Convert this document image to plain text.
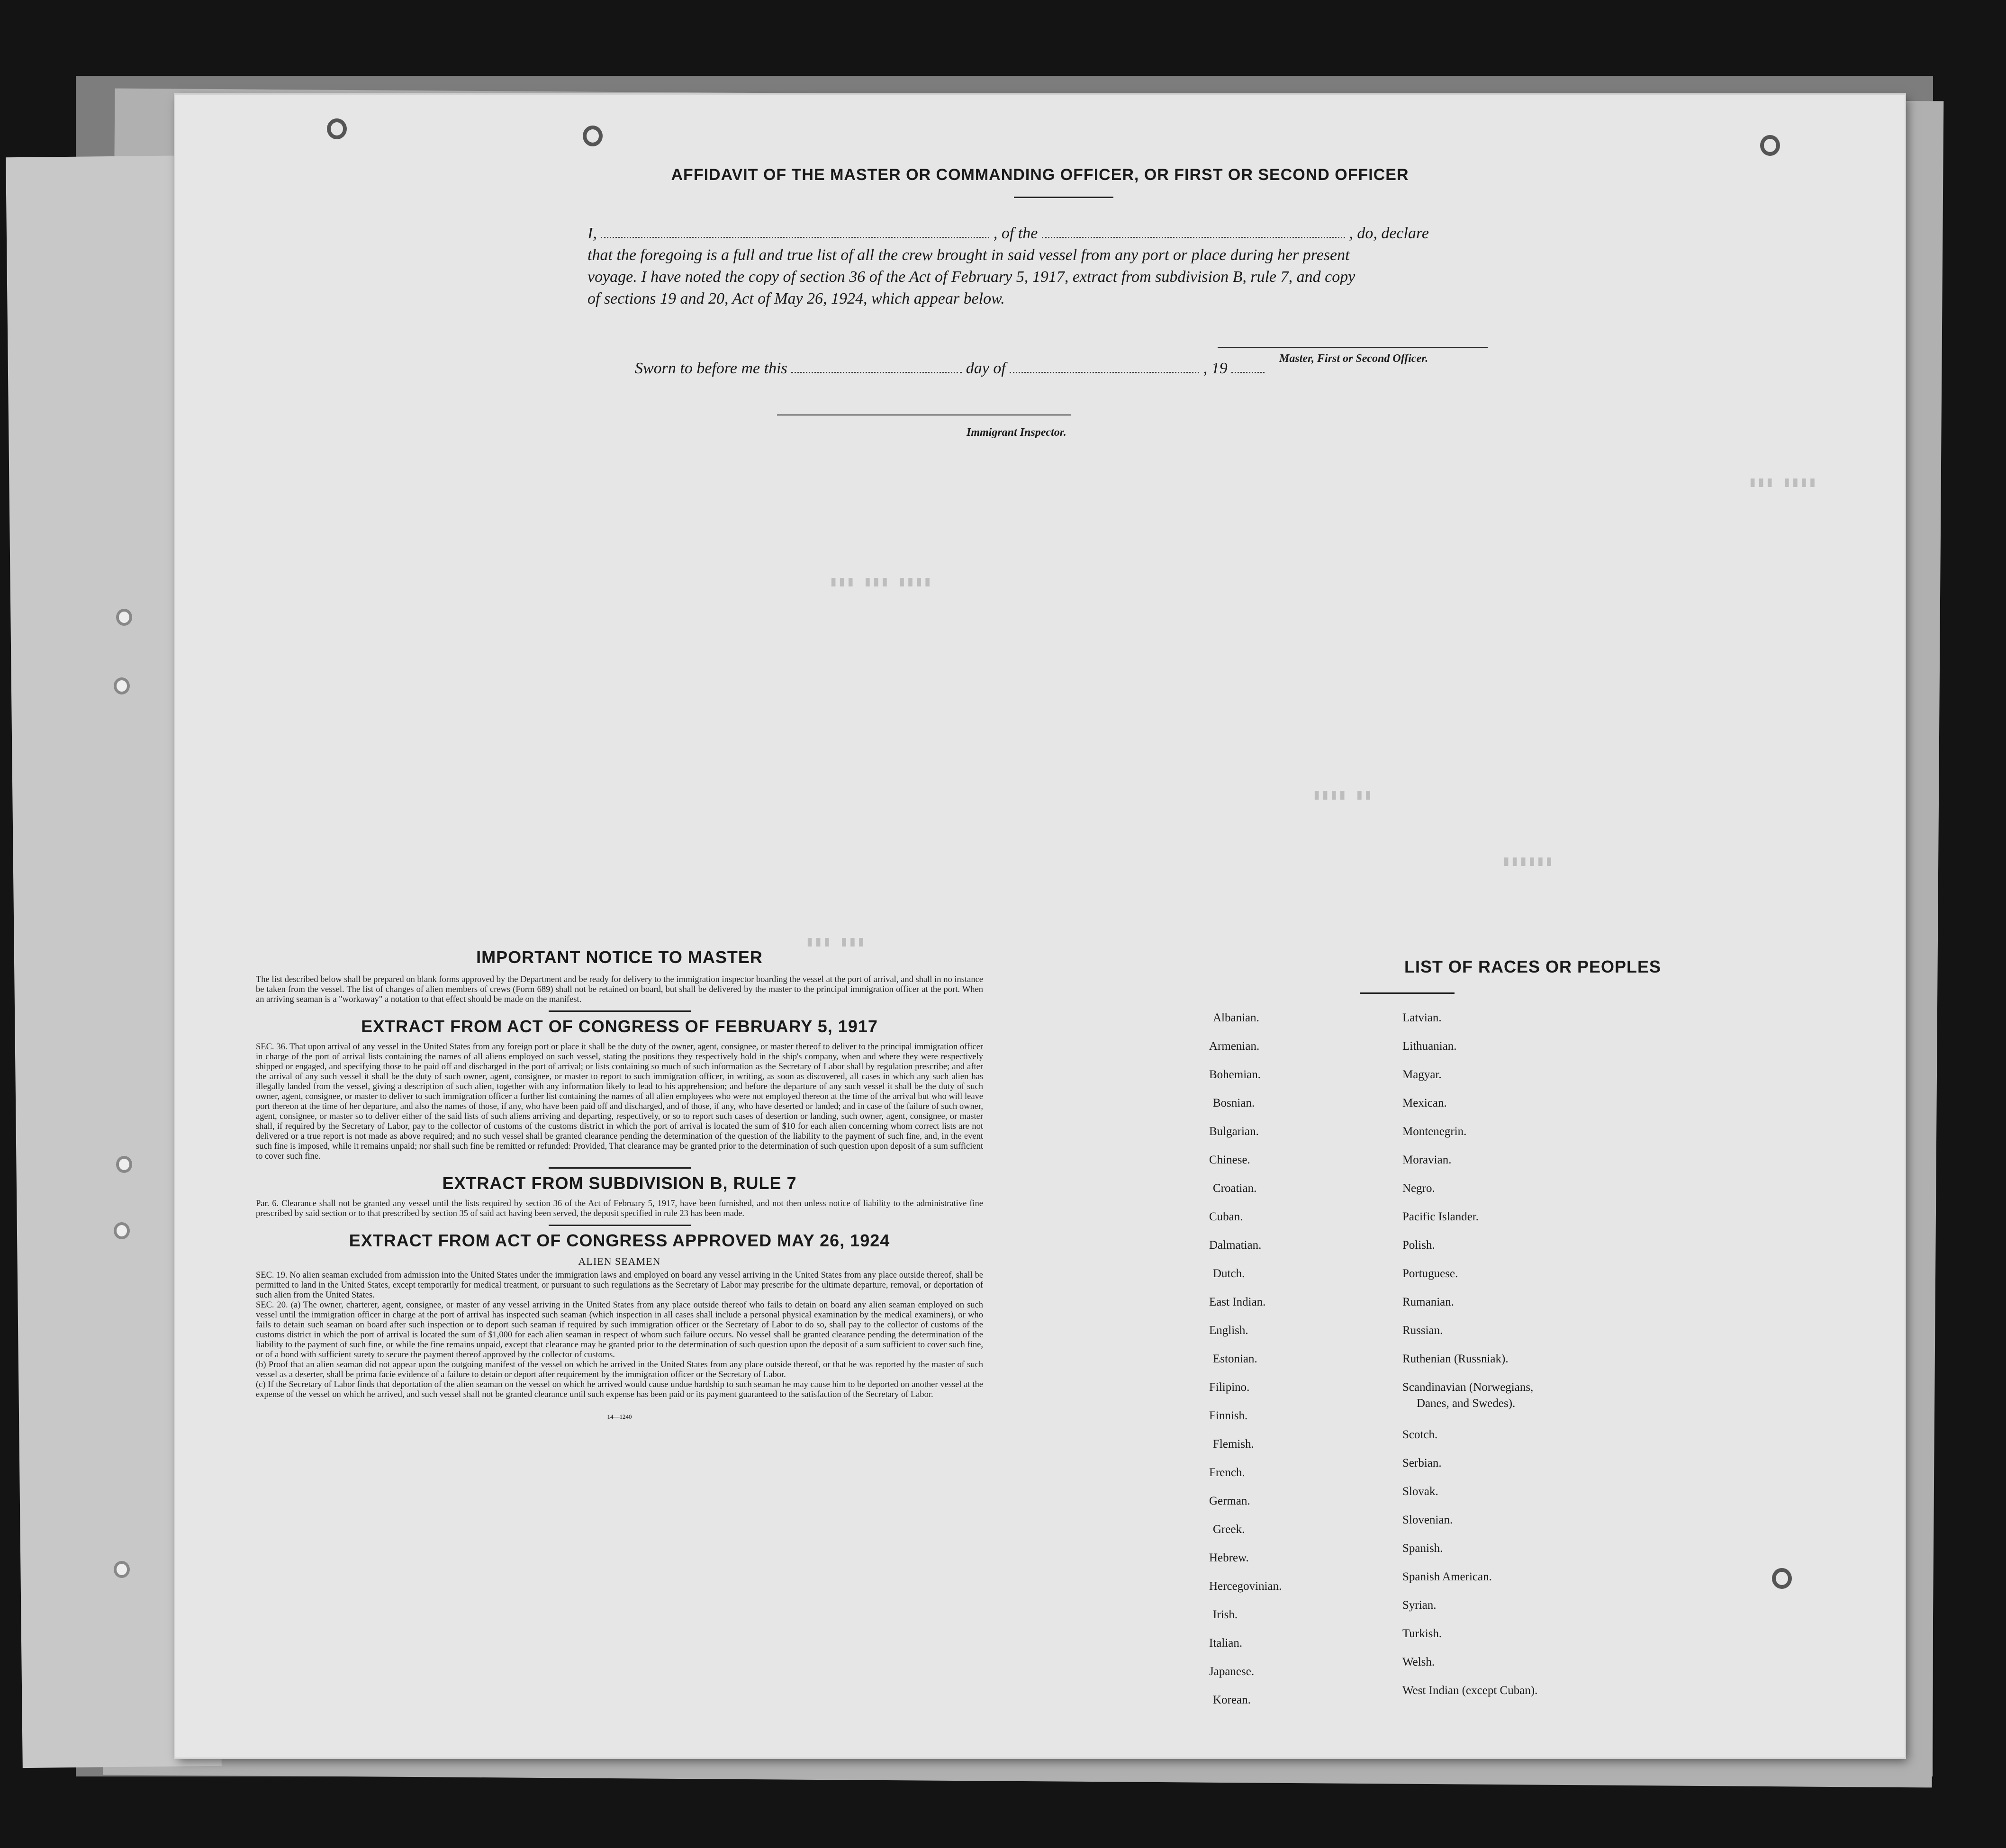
▮▮▮ ▮▮▮▮
▮▮▮ ▮▮▮ ▮▮▮▮
▮▮▮▮ ▮▮
▮▮▮▮▮▮
▮▮▮ ▮▮▮
AFFIDAVIT OF THE MASTER OR COMMANDING OFFICER, OR FIRST OR SECOND OFFICER
I,	, of the	, do, declare
that the foregoing is a full and true list of all the crew brought in said vessel from any port or place during her present
voyage. I have noted the copy of section 36 of the Act of February 5, 1917, extract from subdivision B, rule 7, and copy
of sections 19 and 20, Act of May 26, 1924, which appear below.
Master, First or Second Officer.
Sworn to before me this	day of	, 19
Immigrant Inspector.
IMPORTANT NOTICE TO MASTER
The list described below shall be prepared on blank forms approved by the Department and be ready for delivery to the immigration inspector boarding the vessel at the port of arrival, and shall in no instance be taken from the vessel. The list of changes of alien members of crews (Form 689) shall not be retained on board, but shall be delivered by the master to the principal immigration officer at the port. When an arriving seaman is a "workaway" a notation to that effect should be made on the manifest.
EXTRACT FROM ACT OF CONGRESS OF FEBRUARY 5, 1917
SEC. 36. That upon arrival of any vessel in the United States from any foreign port or place it shall be the duty of the owner, agent, consignee, or master thereof to deliver to the principal immigration officer in charge of the port of arrival lists containing the names of all aliens employed on such vessel, stating the positions they respectively hold in the ship's company, when and where they were respectively shipped or engaged, and specifying those to be paid off and discharged in the port of arrival; or lists containing so much of such information as the Secretary of Labor shall by regulation prescribe; and after the arrival of any such vessel it shall be the duty of such owner, agent, consignee, or master to report to such immigration officer, in writing, as soon as discovered, all cases in which any such alien has illegally landed from the vessel, giving a description of such alien, together with any information likely to lead to his apprehension; and before the departure of any such vessel it shall be the duty of such owner, agent, consignee, or master to deliver to such immigration officer a further list containing the names of all alien employees who were not employed thereon at the time of the arrival but who will leave port thereon at the time of her departure, and also the names of those, if any, who have been paid off and discharged, and of those, if any, who have deserted or landed; and in case of the failure of such owner, agent, consignee, or master so to deliver either of the said lists of such aliens arriving and departing, respectively, or so to report such cases of desertion or landing, such owner, agent, consignee, or master shall, if required by the Secretary of Labor, pay to the collector of customs of the customs district in which the port of arrival is located the sum of $10 for each alien concerning whom correct lists are not delivered or a true report is not made as above required; and no such vessel shall be granted clearance pending the determination of the question of the liability to the payment of such fine, and, in the event such fine is imposed, while it remains unpaid; nor shall such fine be remitted or refunded: Provided, That clearance may be granted prior to the determination of such question upon deposit of a sum sufficient to cover such fine.
EXTRACT FROM SUBDIVISION B, RULE 7
Par. 6. Clearance shall not be granted any vessel until the lists required by section 36 of the Act of February 5, 1917, have been furnished, and not then unless notice of liability to the administrative fine prescribed by said section or to that prescribed by section 35 of said act having been served, the deposit specified in rule 23 has been made.
EXTRACT FROM ACT OF CONGRESS APPROVED MAY 26, 1924
ALIEN SEAMEN
SEC. 19. No alien seaman excluded from admission into the United States under the immigration laws and employed on board any vessel arriving in the United States from any place outside thereof, shall be permitted to land in the United States, except temporarily for medical treatment, or pursuant to such regulations as the Secretary of Labor may prescribe for the ultimate departure, removal, or deportation of such alien from the United States.
SEC. 20. (a) The owner, charterer, agent, consignee, or master of any vessel arriving in the United States from any place outside thereof who fails to detain on board any alien seaman employed on such vessel until the immigration officer in charge at the port of arrival has inspected such seaman (which inspection in all cases shall include a personal physical examination by the medical examiners), or who fails to detain such seaman on board after such inspection or to deport such seaman if required by such immigration officer or the Secretary of Labor to do so, shall pay to the collector of customs of the customs district in which the port of arrival is located the sum of $1,000 for each alien seaman in respect of whom such failure occurs. No vessel shall be granted clearance pending the determination of the liability to the payment of such fine, or while the fine remains unpaid, except that clearance may be granted prior to the determination of such question upon the deposit of a sum sufficient to cover such fine, or of a bond with sufficient surety to secure the payment thereof approved by the collector of customs.
(b) Proof that an alien seaman did not appear upon the outgoing manifest of the vessel on which he arrived in the United States from any place outside thereof, or that he was reported by the master of such vessel as a deserter, shall be prima facie evidence of a failure to detain or deport after requirement by the immigration officer or the Secretary of Labor.
(c) If the Secretary of Labor finds that deportation of the alien seaman on the vessel on which he arrived would cause undue hardship to such seaman he may cause him to be deported on another vessel at the expense of the vessel on which he arrived, and such vessel shall not be granted clearance until such expense has been paid or its payment guaranteed to the satisfaction of the Secretary of Labor.
14—1240
LIST OF RACES OR PEOPLES
Albanian.
Armenian.
Bohemian.
Bosnian.
Bulgarian.
Chinese.
Croatian.
Cuban.
Dalmatian.
Dutch.
East Indian.
English.
Estonian.
Filipino.
Finnish.
Flemish.
French.
German.
Greek.
Hebrew.
Hercegovinian.
Irish.
Italian.
Japanese.
Korean.
Latvian.
Lithuanian.
Magyar.
Mexican.
Montenegrin.
Moravian.
Negro.
Pacific Islander.
Polish.
Portuguese.
Rumanian.
Russian.
Ruthenian (Russniak).
Scandinavian (Norwegians,
Danes, and Swedes).
Scotch.
Serbian.
Slovak.
Slovenian.
Spanish.
Spanish American.
Syrian.
Turkish.
Welsh.
West Indian (except Cuban).
